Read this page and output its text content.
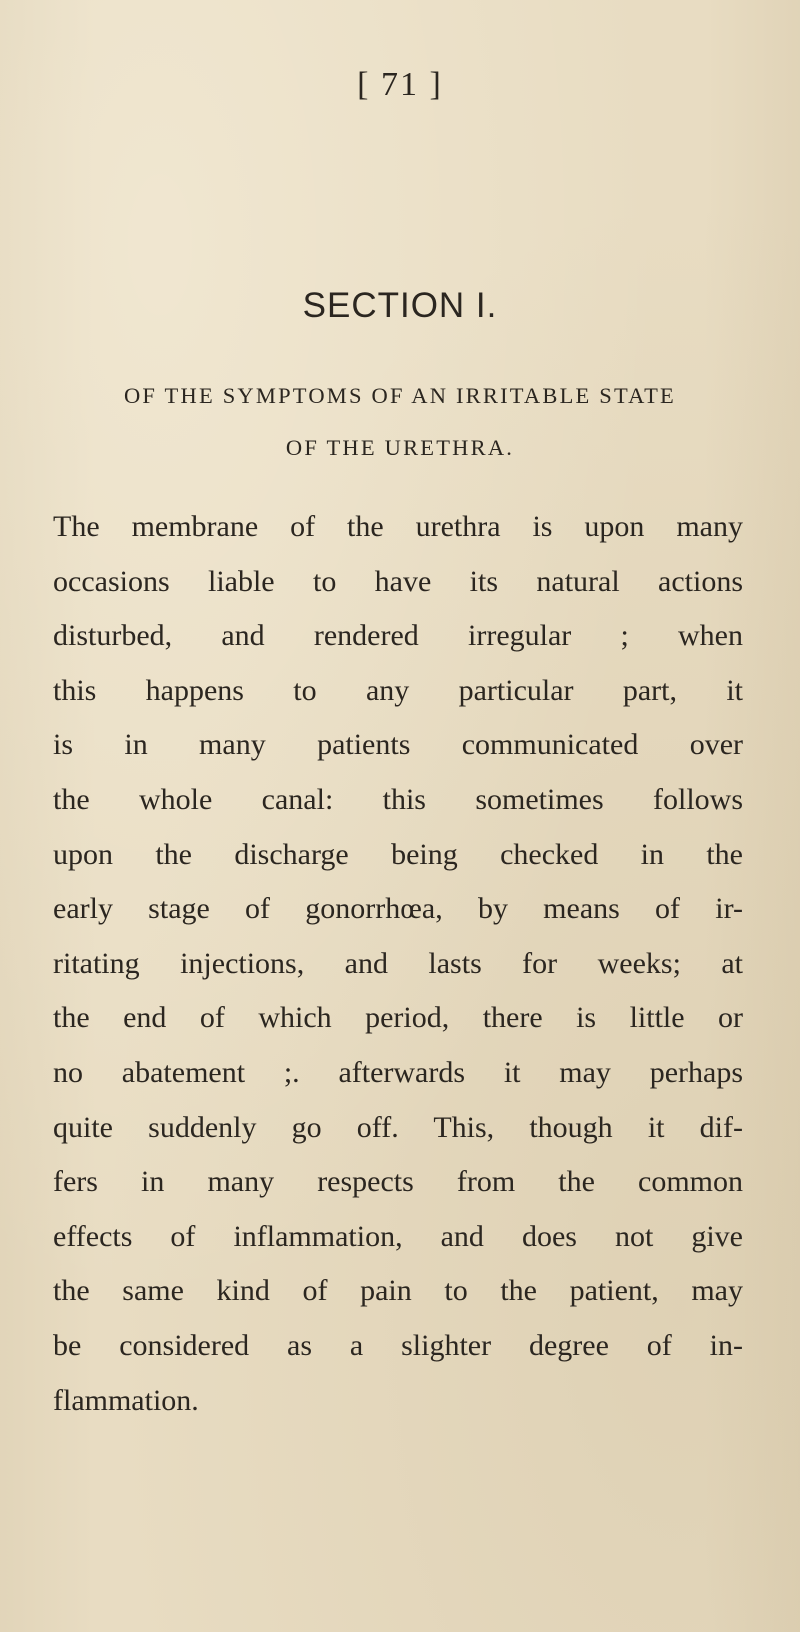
[ 71 ]
SECTION I.
OF THE SYMPTOMS OF AN IRRITABLE STATE
OF THE URETHRA.
The membrane of the urethra is upon many
occasions liable to have its natural actions
disturbed, and rendered irregular ; when
this happens to any particular part, it
is in many patients communicated over
the whole canal: this sometimes follows
upon the discharge being checked in the
early stage of gonorrhœa, by means of ir-
ritating injections, and lasts for weeks; at
the end of which period, there is little or
no abatement ;. afterwards it may perhaps
quite suddenly go off. This, though it dif-
fers in many respects from the common
effects of inflammation, and does not give
the same kind of pain to the patient, may
be considered as a slighter degree of in-
flammation.
